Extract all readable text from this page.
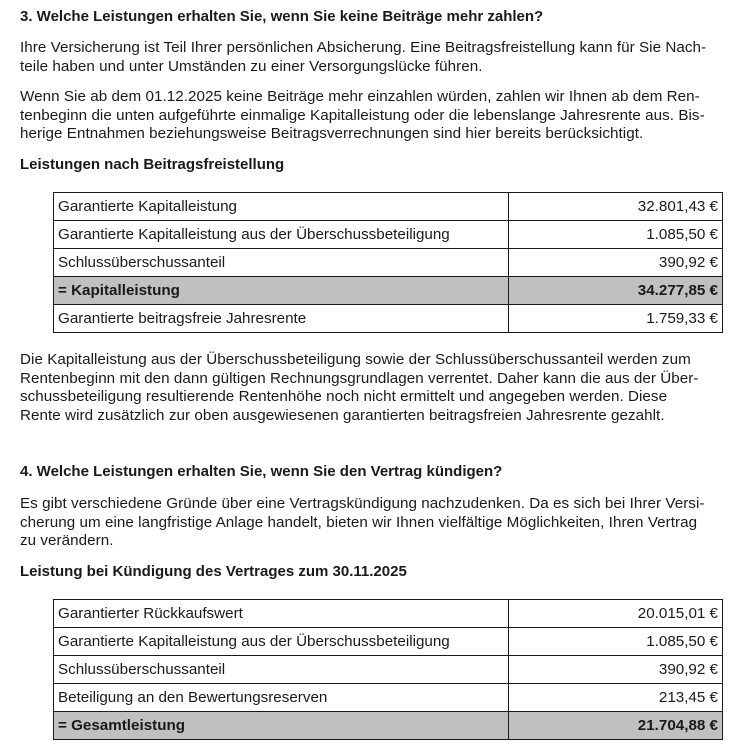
3. Welche Leistungen erhalten Sie, wenn Sie keine Beiträge mehr zahlen?

Ihre Versicherung ist Teil Ihrer persönlichen Absicherung. Eine Beitragsfreistellung kann für Sie Nach-
teile haben und unter Umständen zu einer Versorgungslücke führen.

Wenn Sie ab dem 01.12.2025 keine Beiträge mehr einzahlen würden, zahlen wir Ihnen ab dem Ren-
tenbeginn die unten aufgeführte einmalige Kapitalleistung oder die lebenslange Jahresrente aus. Bis-
herige Entnahmen beziehungsweise Beitragsverrechnungen sind hier bereits berücksichtigt.

Leistungen nach Beitragsfreistellung
Garantierte Kapitalleistung	32.801,43 €
Garantierte Kapitalleistung aus der Überschussbeteiligung	1.085,50 €
Schlussüberschussanteil	390,92 €
= Kapitalleistung	34.277,85 €
Garantierte beitragsfreie Jahresrente	1.759,33 €

Die Kapitalleistung aus der Überschussbeteiligung sowie der Schlussüberschussanteil werden zum
Rentenbeginn mit den dann gültigen Rechnungsgrundlagen verrentet. Daher kann die aus der Über-
schussbeteiligung resultierende Rentenhöhe noch nicht ermittelt und angegeben werden. Diese
Rente wird zusätzlich zur oben ausgewiesenen garantierten beitragsfreien Jahresrente gezahlt.

4. Welche Leistungen erhalten Sie, wenn Sie den Vertrag kündigen?

Es gibt verschiedene Gründe über eine Vertragskündigung nachzudenken. Da es sich bei Ihrer Versi-
cherung um eine langfristige Anlage handelt, bieten wir Ihnen vielfältige Möglichkeiten, Ihren Vertrag
zu verändern.

Leistung bei Kündigung des Vertrages zum 30.11.2025
Garantierter Rückkaufswert	20.015,01 €
Garantierte Kapitalleistung aus der Überschussbeteiligung	1.085,50 €
Schlussüberschussanteil	390,92 €
Beteiligung an den Bewertungsreserven	213,45 €
= Gesamtleistung	21.704,88 €
